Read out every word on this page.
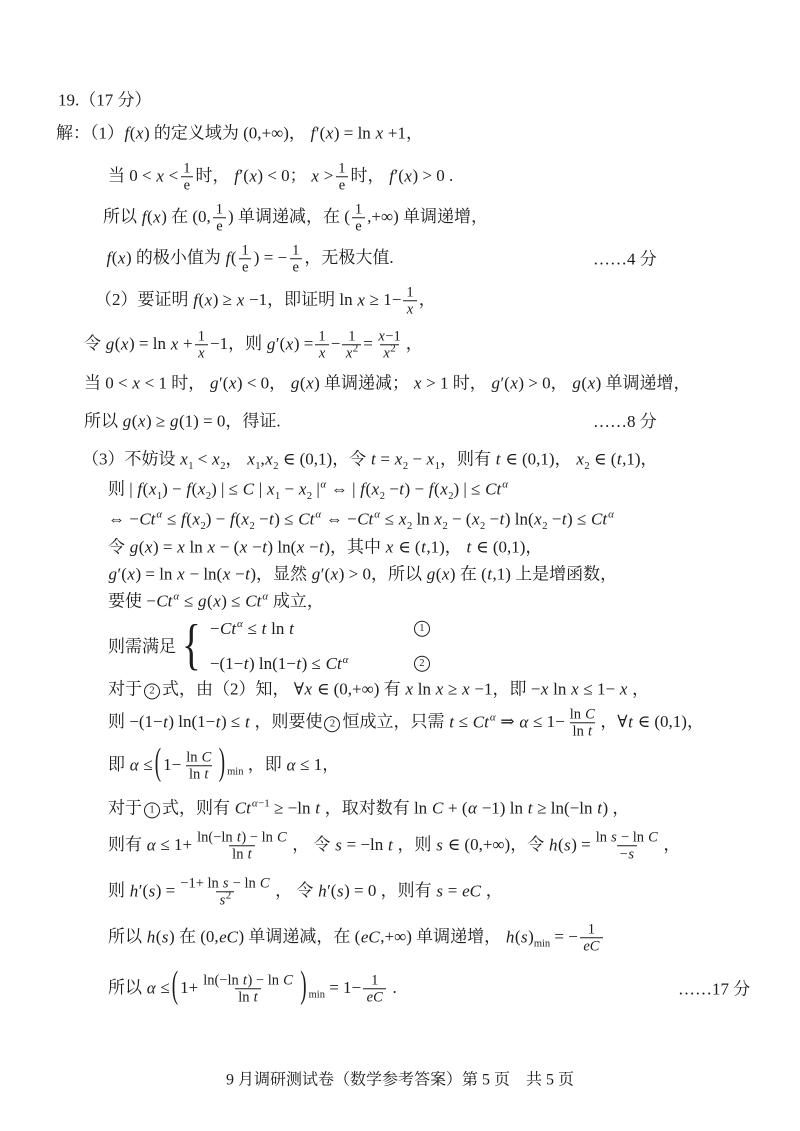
19.（17 分）
解：（1）f(x) 的定义域为 (0,+∞)， f′(x) = ln x +1，
当 $0 < x < \frac{1}{e}$ 时， f′(x) < 0； $x > \frac{1}{e}$ 时， f′(x) > 0 .
所以 f(x) 在 (0, $\frac{1}{e}$ ) 单调递减，在 ( $\frac{1}{e}$ ,+∞) 单调递增，
f(x) 的极小值为 $f( \frac{1}{e}$ ) = − $\frac{1}{e}$ ，无极大值.	……4 分
（2）要证明 f(x) ≥ x −1，即证明 $\ln x \ge 1- \frac{1}{x}$ ，
令 $g(x) = \ln x + \frac{1}{x} -1$，则 $g'(x) = \frac{1}{x} - \frac{1}{x^2} = \frac{x-1}{x^2}$ ，
当 0 < x < 1 时， g′(x) < 0， g(x) 单调递减； x > 1 时， g′(x) > 0， g(x) 单调递增，
所以 g(x) ≥ g(1) = 0，得证.	……8 分
（3）不妨设 $x_1 < x_2$， $x_1,x_2$ ∈ (0,1)，令 $t = x_2 - x_1$，则有 t ∈ (0,1)， $x_2$ ∈ (t,1)，
则 | $f(x_1) - f(x_2)$ | ≤ C | $x_1 - x_2$ $|^\alpha$ ⇔ | $f(x_2 -t) - f(x_2)$ | ≤ $Ct^\alpha$
⇔ $-Ct^\alpha \le f(x_2) - f(x_2 -t) \le Ct^\alpha$ ⇔ $-Ct^\alpha \le x_2$ $\ln x_2 - (x_2 -t)$ $\ln(x_2 -t) \le Ct^\alpha$
令 g(x) = x ln x − (x −t) ln(x −t)，其中 x ∈ (t,1)， t ∈ (0,1)，
g′(x) = ln x − ln(x −t)，显然 g′(x) > 0，所以 g(x) 在 (t,1) 上是增函数，
要使 $-Ct^\alpha \le g(x) \le Ct^\alpha$ 成立，
则需满足 { $-Ct^\alpha \le t$ ln t	1
−(1−t) $\ln(1-t) \le Ct^\alpha$	2
对于 2 式，由（2）知， ∀x ∈ (0,+∞) 有 x ln x ≥ x −1，即 −x ln x ≤ 1− x ，
则 −(1−t) ln(1−t) ≤ t ，则要使 2 恒成立，只需 $t \le Ct^\alpha$ ⇒ $\alpha \le 1- \frac{\text{ln C}}{\text{ln t}}$ ，∀t ∈ (0,1)，
即 α ≤ ( $1- \frac{\text{ln C}}{\text{ln t}}$ ) $_{min}$ ，即 α ≤ 1，
对于 1 式，则有 $Ct^{\alpha-1} \ge -\ln$ t ，取对数有 ln C + (α −1) ln t ≥ ln(−ln t) ，
则有 $\alpha \le 1+ \frac{\text{ln(−ln t) − ln C}}{\text{ln t}}$ ， 令 s = −ln t ，则 s ∈ (0,+∞)，令 $h(s) = \frac{\text{ln s − ln C}}{-s}$ ，
则 $h'(s) = \frac{\text{−1+ ln s − ln C}}{s^2}$ ， 令 h′(s) = 0 ，则有 s = eC ，
所以 h(s) 在 (0,eC) 单调递减，在 (eC,+∞) 单调递增， $h(s)_{min}$ = − $\frac{1}{eC}$
所以 α ≤ ( $1+ \frac{\text{ln(−ln t) − ln C}}{\text{ln t}}$ ) $_{min} = 1- \frac{1}{eC}$ .	……17 分
9 月调研测试卷（数学参考答案）第 5 页　共 5 页
